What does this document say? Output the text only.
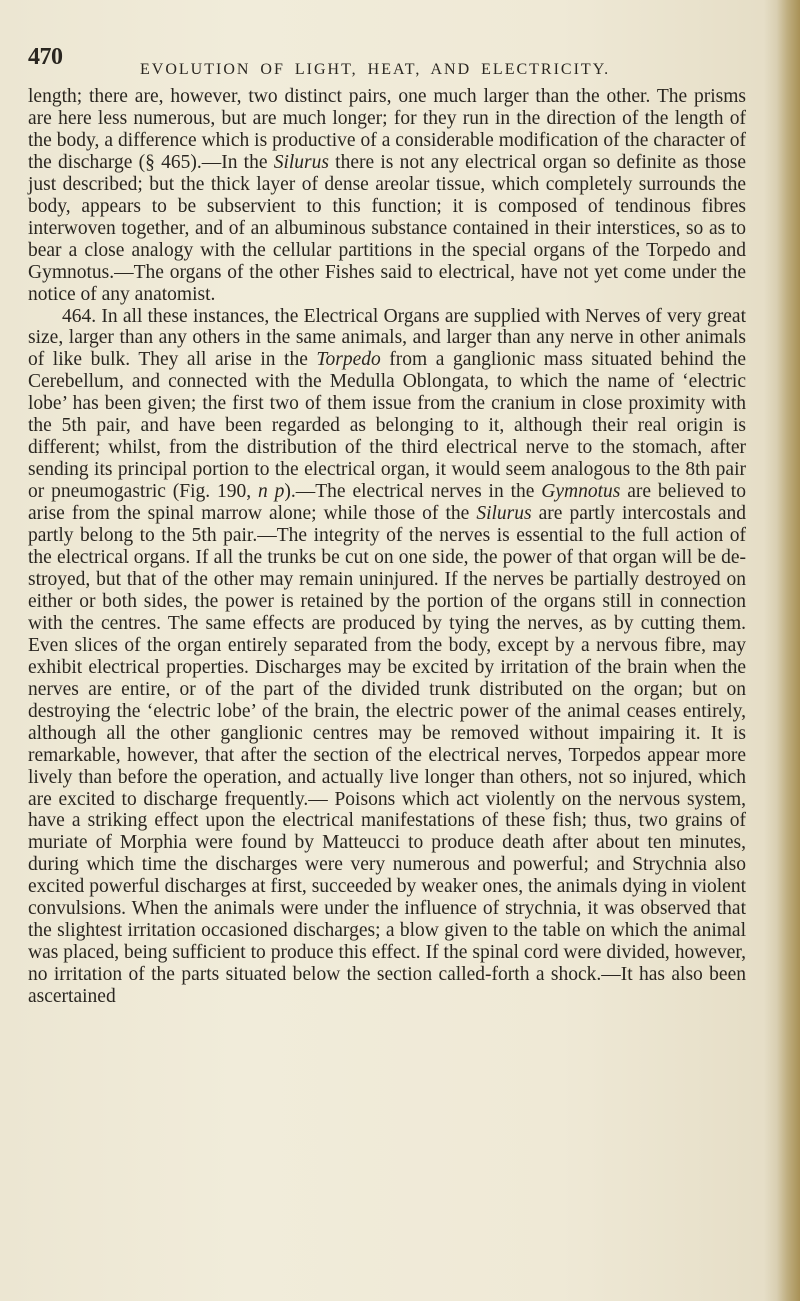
470	EVOLUTION OF LIGHT, HEAT, AND ELECTRICITY.

length; there are, however, two distinct pairs, one much larger than the other. The prisms are here less numerous, but are much longer; for they run in the direction of the length of the body, a difference which is productive of a considerable modification of the character of the discharge (§ 465).—In the Silurus there is not any electrical organ so definite as those just described; but the thick layer of dense areolar tissue, which completely surrounds the body, appears to be subservient to this function; it is composed of tendinous fibres interwoven together, and of an albuminous substance contained in their interstices, so as to bear a close analogy with the cellular partitions in the special organs of the Torpedo and Gymnotus.—The organs of the other Fishes said to electrical, have not yet come under the notice of any anatomist.

464. In all these instances, the Electrical Organs are supplied with Nerves of very great size, larger than any others in the same animals, and larger than any nerve in other animals of like bulk. They all arise in the Torpedo from a ganglionic mass situated behind the Cerebellum, and connected with the Medulla Oblongata, to which the name of ‘electric lobe’ has been given; the first two of them issue from the cranium in close proximity with the 5th pair, and have been regarded as belonging to it, although their real origin is different; whilst, from the distribution of the third electrical nerve to the stomach, after sending its principal portion to the electrical organ, it would seem analogous to the 8th pair or pneumogastric (Fig. 190, n p).—The electrical nerves in the Gymnotus are believed to arise from the spinal marrow alone; while those of the Silurus are partly intercostals and partly belong to the 5th pair.—The integrity of the nerves is essential to the full action of the electrical organs. If all the trunks be cut on one side, the power of that organ will be de-stroyed, but that of the other may remain uninjured. If the nerves be partially destroyed on either or both sides, the power is retained by the portion of the organs still in connection with the centres. The same effects are produced by tying the nerves, as by cutting them. Even slices of the organ entirely separated from the body, except by a nervous fibre, may exhibit electrical properties. Discharges may be excited by irritation of the brain when the nerves are entire, or of the part of the divided trunk distributed on the organ; but on destroying the ‘electric lobe’ of the brain, the electric power of the animal ceases entirely, although all the other ganglionic centres may be removed without impairing it. It is remarkable, however, that after the section of the electrical nerves, Torpedos appear more lively than before the operation, and actually live longer than others, not so injured, which are excited to discharge frequently.— Poisons which act violently on the nervous system, have a striking effect upon the electrical manifestations of these fish; thus, two grains of muriate of Morphia were found by Matteucci to produce death after about ten minutes, during which time the discharges were very numerous and powerful; and Strychnia also excited powerful discharges at first, succeeded by weaker ones, the animals dying in violent convulsions. When the animals were under the influence of strychnia, it was observed that the slightest irritation occasioned discharges; a blow given to the table on which the animal was placed, being sufficient to produce this effect. If the spinal cord were divided, however, no irritation of the parts situated below the section called-forth a shock.—It has also been ascertained
